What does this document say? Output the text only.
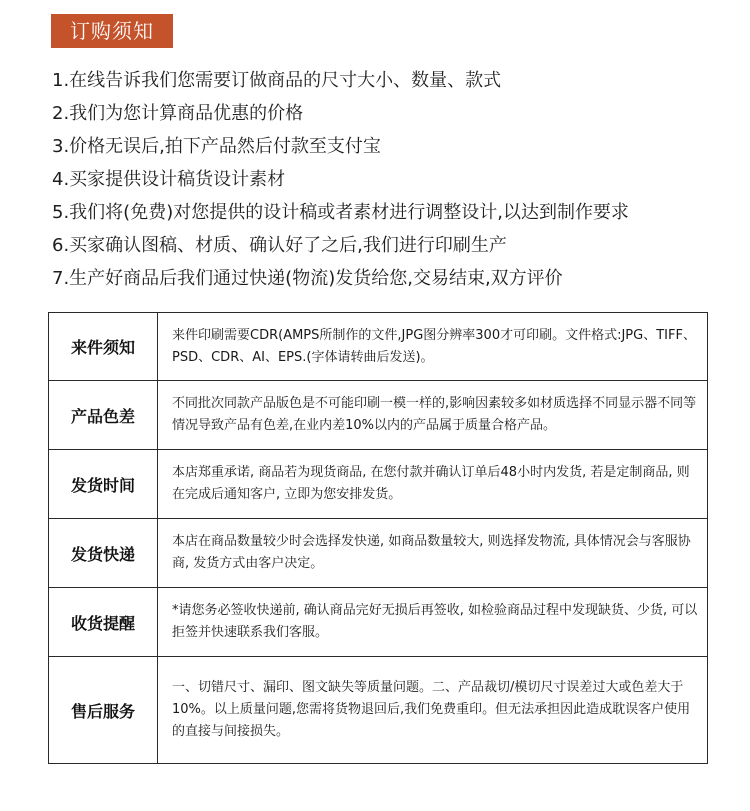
订购须知
1.在线告诉我们您需要订做商品的尺寸大小、数量、款式
2.我们为您计算商品优惠的价格
3.价格无误后,拍下产品然后付款至支付宝
4.买家提供设计稿货设计素材
5.我们将(免费)对您提供的设计稿或者素材进行调整设计,以达到制作要求
6.买家确认图稿、材质、确认好了之后,我们进行印刷生产
7.生产好商品后我们通过快递(物流)发货给您,交易结束,双方评价
来件须知	来件印刷需要CDR(AMPS所制作的文件,JPG图分辨率300才可印刷。文件格式:JPG、TIFF、PSD、CDR、AI、EPS.(字体请转曲后发送)。
产品色差	不同批次同款产品版色是不可能印刷一模一样的,影响因素较多如材质选择不同显示器不同等情况导致产品有色差,在业内差10%以内的产品属于质量合格产品。
发货时间	本店郑重承诺, 商品若为现货商品, 在您付款并确认订单后48小时内发货, 若是定制商品, 则在完成后通知客户, 立即为您安排发货。
发货快递	本店在商品数量较少时会选择发快递, 如商品数量较大, 则选择发物流, 具体情况会与客服协商, 发货方式由客户决定。
收货提醒	*请您务必签收快递前, 确认商品完好无损后再签收, 如检验商品过程中发现缺货、少货, 可以拒签并快速联系我们客服。
售后服务	一、切错尺寸、漏印、图文缺失等质量问题。二、产品裁切/模切尺寸误差过大或色差大于10%。以上质量问题,您需将货物退回后,我们免费重印。但无法承担因此造成耽误客户使用的直接与间接损失。
